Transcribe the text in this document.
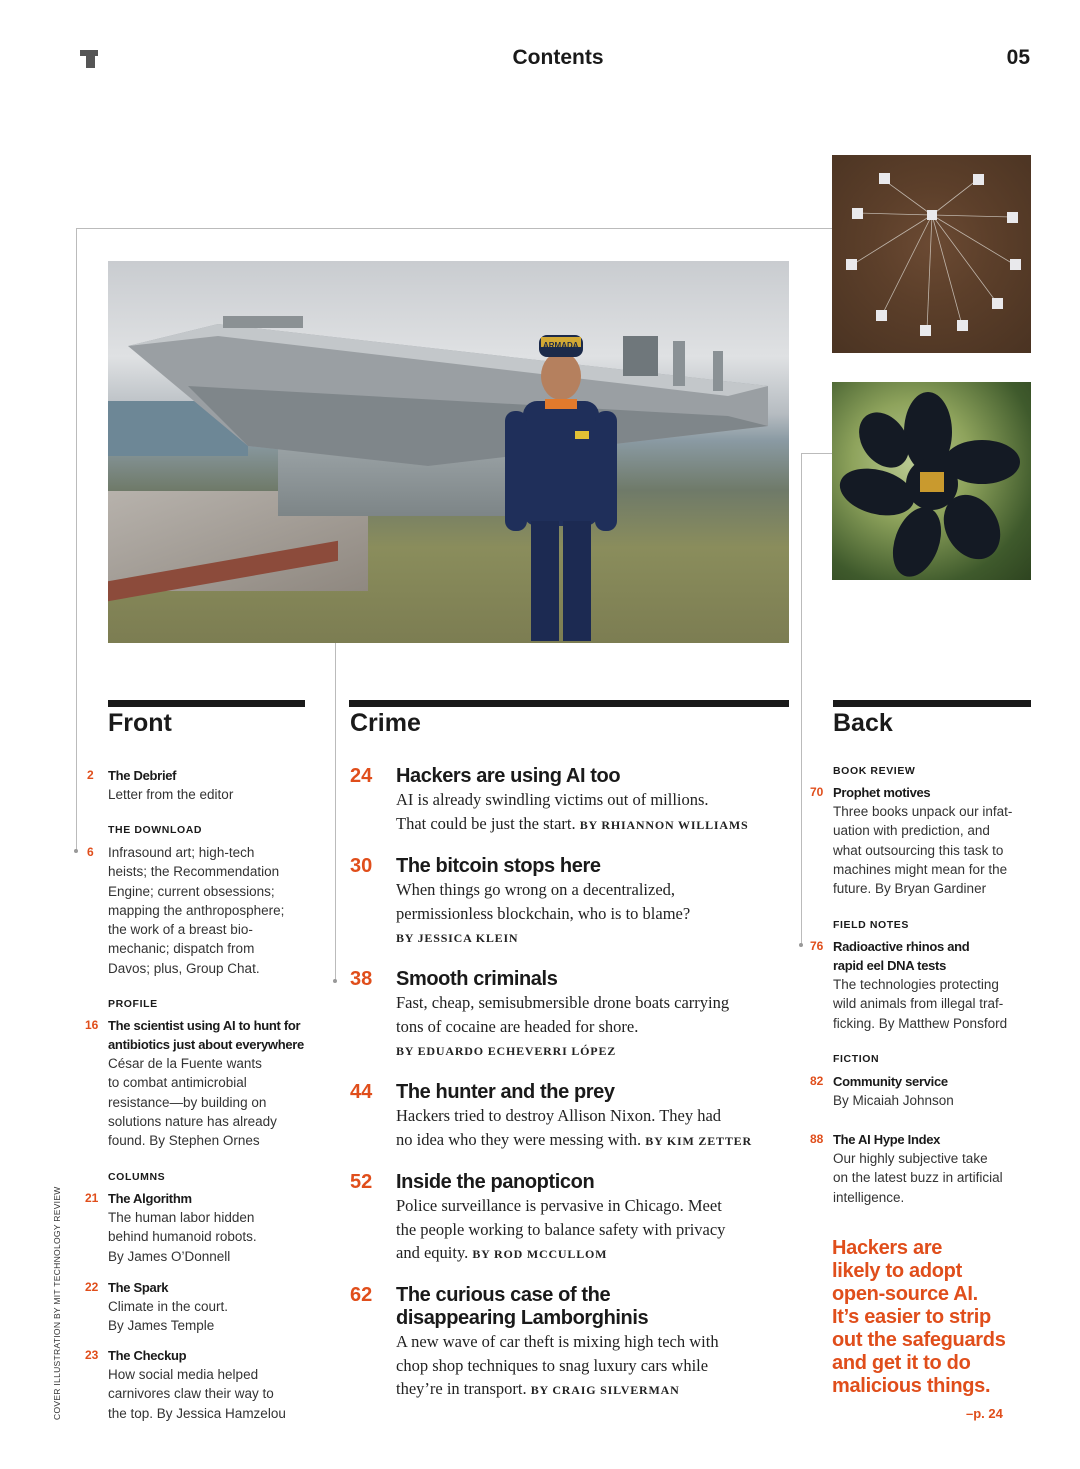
Contents	05
COVER ILLUSTRATION BY MIT TECHNOLOGY REVIEW
ARMADA
Front	Crime	Back
2 The Debrief
Letter from the editor
THE DOWNLOAD
6 Infrasound art; high-tech
heists; the Recommendation
Engine; current obsessions;
mapping the anthroposphere;
the work of a breast bio-
mechanic; dispatch from
Davos; plus, Group Chat.
PROFILE
16 The scientist using AI to hunt for
antibiotics just about everywhere
César de la Fuente wants
to combat antimicrobial
resistance—by building on
solutions nature has already
found. By Stephen Ornes
COLUMNS
21 The Algorithm
The human labor hidden
behind humanoid robots.
By James O’Donnell
22 The Spark
Climate in the court.
By James Temple
23 The Checkup
How social media helped
carnivores claw their way to
the top. By Jessica Hamzelou
24 Hackers are using AI too
AI is already swindling victims out of millions.
That could be just the start. BY RHIANNON WILLIAMS
30 The bitcoin stops here
When things go wrong on a decentralized,
permissionless blockchain, who is to blame?
BY JESSICA KLEIN
38 Smooth criminals
Fast, cheap, semisubmersible drone boats carrying
tons of cocaine are headed for shore.
BY EDUARDO ECHEVERRI LÓPEZ
44 The hunter and the prey
Hackers tried to destroy Allison Nixon. They had
no idea who they were messing with. BY KIM ZETTER
52 Inside the panopticon
Police surveillance is pervasive in Chicago. Meet
the people working to balance safety with privacy
and equity. BY ROD MCCULLOM
62 The curious case of the
disappearing Lamborghinis
A new wave of car theft is mixing high tech with
chop shop techniques to snag luxury cars while
they’re in transport. BY CRAIG SILVERMAN
BOOK REVIEW
70 Prophet motives
Three books unpack our infat-
uation with prediction, and
what outsourcing this task to
machines might mean for the
future. By Bryan Gardiner
FIELD NOTES
76 Radioactive rhinos and
rapid eel DNA tests
The technologies protecting
wild animals from illegal traf-
ficking. By Matthew Ponsford
FICTION
82 Community service
By Micaiah Johnson
88 The AI Hype Index
Our highly subjective take
on the latest buzz in artificial
intelligence.
Hackers are
likely to adopt
open-source AI.
It’s easier to strip
out the safeguards
and get it to do
malicious things.
–p. 24
